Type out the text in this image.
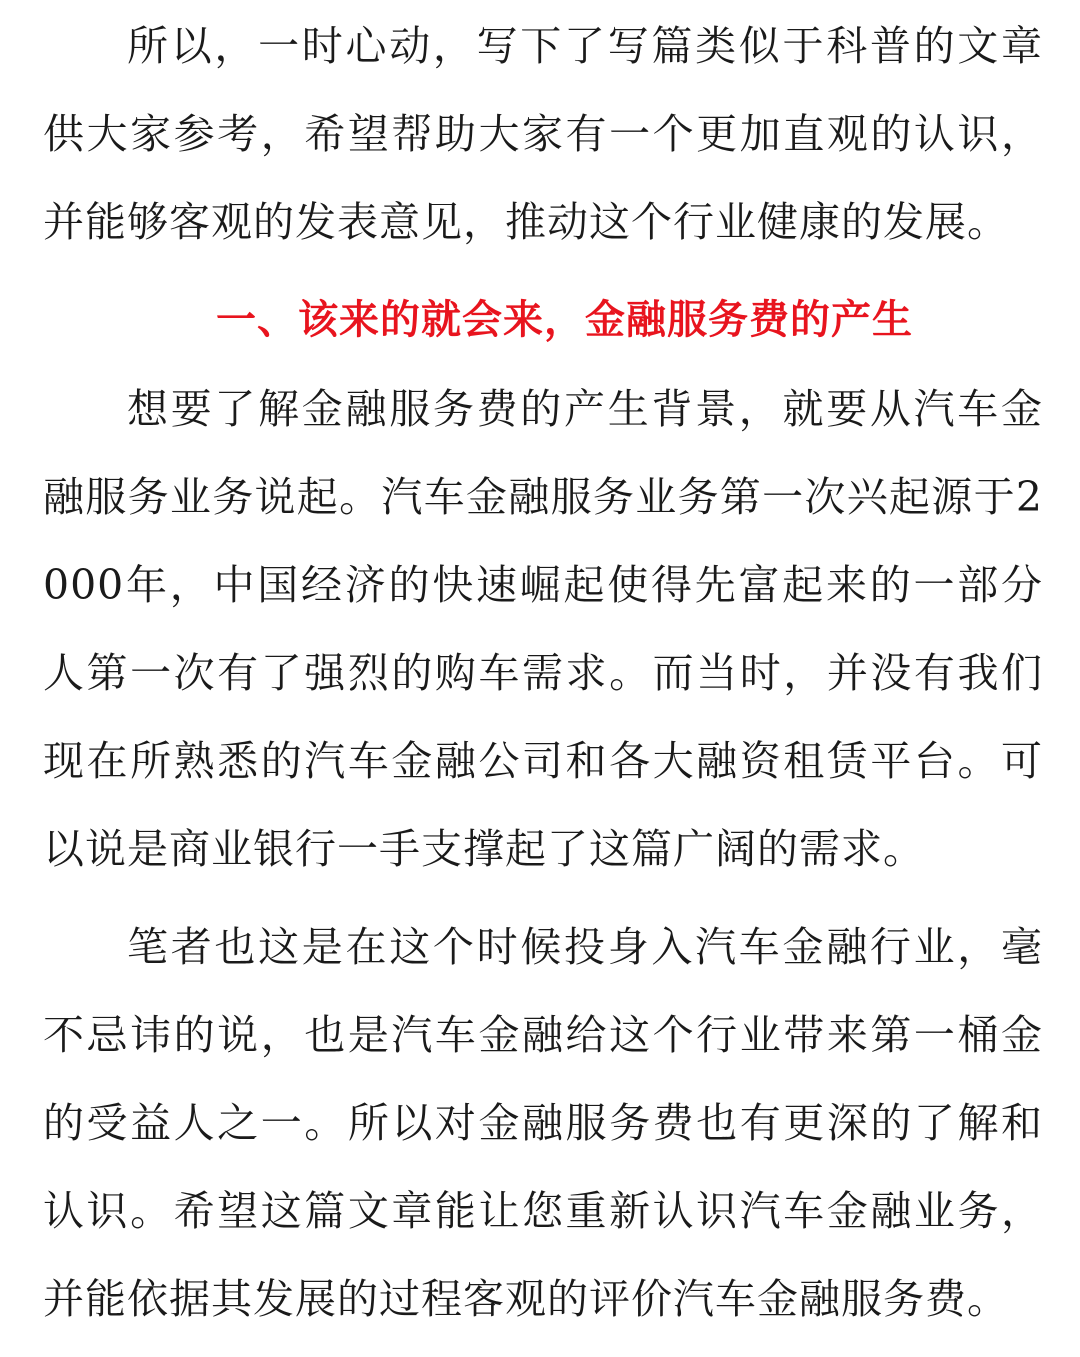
所以，一时心动，写下了写篇类似于科普的文章供大家参考，希望帮助大家有一个更加直观的认识，并能够客观的发表意见，推动这个行业健康的发展。

一、该来的就会来，金融服务费的产生

想要了解金融服务费的产生背景，就要从汽车金融服务业务说起。汽车金融服务业务第一次兴起源于2000年，中国经济的快速崛起使得先富起来的一部分人第一次有了强烈的购车需求。而当时，并没有我们现在所熟悉的汽车金融公司和各大融资租赁平台。可以说是商业银行一手支撑起了这篇广阔的需求。

笔者也这是在这个时候投身入汽车金融行业，毫不忌讳的说，也是汽车金融给这个行业带来第一桶金的受益人之一。所以对金融服务费也有更深的了解和认识。希望这篇文章能让您重新认识汽车金融业务，并能依据其发展的过程客观的评价汽车金融服务费。
